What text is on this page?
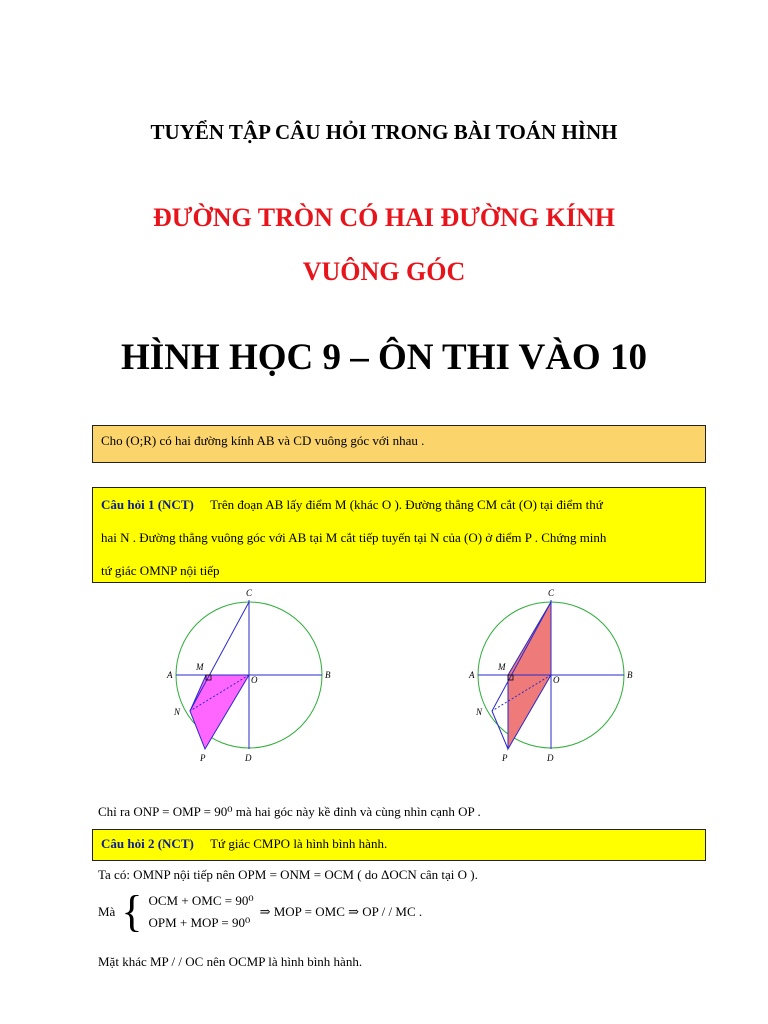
TUYỂN TẬP CÂU HỎI TRONG BÀI TOÁN HÌNH
ĐƯỜNG TRÒN CÓ HAI ĐƯỜNG KÍNH
VUÔNG GÓC
HÌNH HỌC 9 – ÔN THI VÀO 10
Cho (O;R) có hai đường kính AB và CD vuông góc với nhau .
Câu hỏi 1 (NCT) Trên đoạn AB lấy điểm M (khác O ). Đường thẳng CM cắt (O) tại điểm thứ
hai N . Đường thẳng vuông góc với AB tại M cắt tiếp tuyến tại N của (O) ở điểm P . Chứng minh
tứ giác OMNP nội tiếp
C
M
A	O	B
N
P	D
C
M
A	O	B
N
P	D
Chỉ ra ONP = OMP = 90⁰ mà hai góc này kề đỉnh và cùng nhìn cạnh OP .
Câu hỏi 2 (NCT) Tứ giác CMPO là hình bình hành.
Ta có: OMNP nội tiếp nên OPM = ONM = OCM ( do ΔOCN cân tại O ).
Mà { OCM + OMC = 90⁰
OPM + MOP = 90⁰
⇒ MOP = OMC ⇒ OP / / MC .
Mặt khác MP / / OC nên OCMP là hình bình hành.
